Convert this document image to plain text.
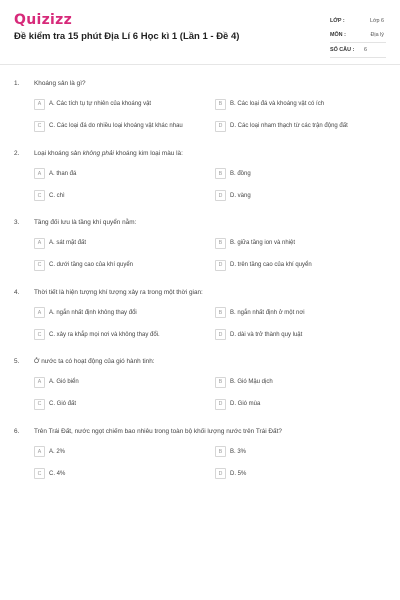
Quizizz
Đề kiểm tra 15 phút Địa Lí 6 Học kì 1 (Lần 1 - Đề 4)
LỚP :	Lớp 6
MÔN :	Địa lý
SỐ CÂU :	6
1. Khoáng sản là gì?
A	A. Các tích tụ tự nhiên của khoáng vật	B	B. Các loại đá và khoáng vật có ích
C	C. Các loại đá do nhiều loại khoáng vật khác nhau	D	D. Các loại nham thạch từ các trận động đất
2. Loại khoáng sản không phải khoáng kim loại màu là:
A	A. than đá	B	B. đồng
C	C. chì	D	D. vàng
3. Tầng đối lưu là tầng khí quyển nằm:
A	A. sát mặt đất	B	B. giữa tầng ion và nhiệt
C	C. dưới tầng cao của khí quyển	D	D. trên tầng cao của khí quyển
4. Thời tiết là hiện tượng khí tượng xảy ra trong một thời gian:
A	A. ngắn nhất định không thay đổi	B	B. ngắn nhất định ở một nơi
C	C. xảy ra khắp mọi nơi và không thay đổi.	D	D. dài và trở thành quy luật
5. Ở nước ta có hoạt động của gió hành tinh:
A	A. Gió biển	B	B. Gió Mậu dịch
C	C. Gió đất	D	D. Gió mùa
6. Trên Trái Đất, nước ngọt chiếm bao nhiêu trong toàn bộ khối lượng nước trên Trái Đất?
A	A. 2%	B	B. 3%
C	C. 4%	D	D. 5%
